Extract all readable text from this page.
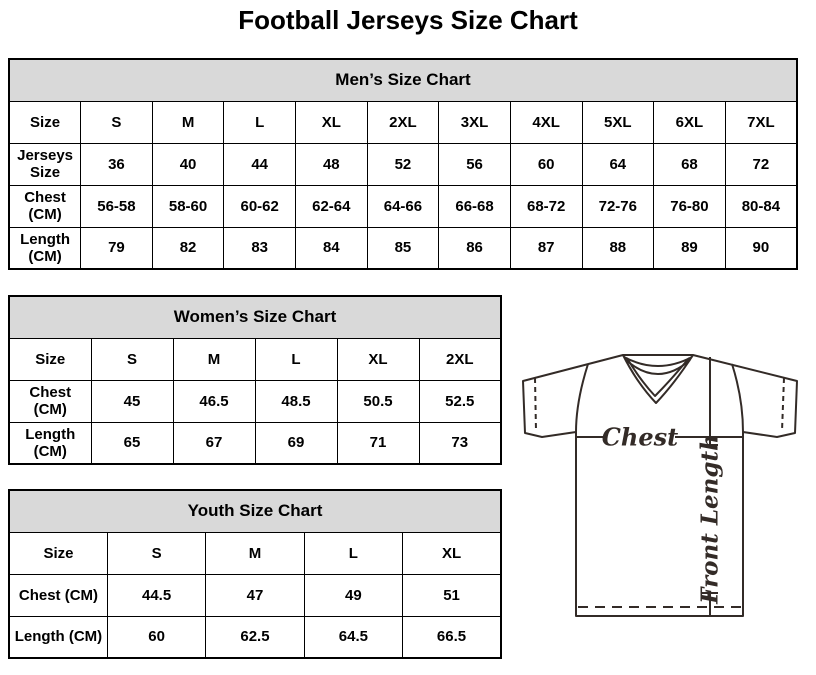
Football Jerseys Size Chart
Men’s Size Chart										
Size	S	M	L	XL	2XL	3XL	4XL	5XL	6XL	7XL
Jerseys Size	36	40	44	48	52	56	60	64	68	72
Chest (CM)	56-58	58-60	60-62	62-64	64-66	66-68	68-72	72-76	76-80	80-84
Length (CM)	79	82	83	84	85	86	87	88	89	90
Women’s Size Chart					
Size	S	M	L	XL	2XL
Chest (CM)	45	46.5	48.5	50.5	52.5
Length (CM)	65	67	69	71	73
Youth Size Chart				
Size	S	M	L	XL
Chest (CM)	44.5	47	49	51
Length (CM)	60	62.5	64.5	66.5
Chest Front Length
